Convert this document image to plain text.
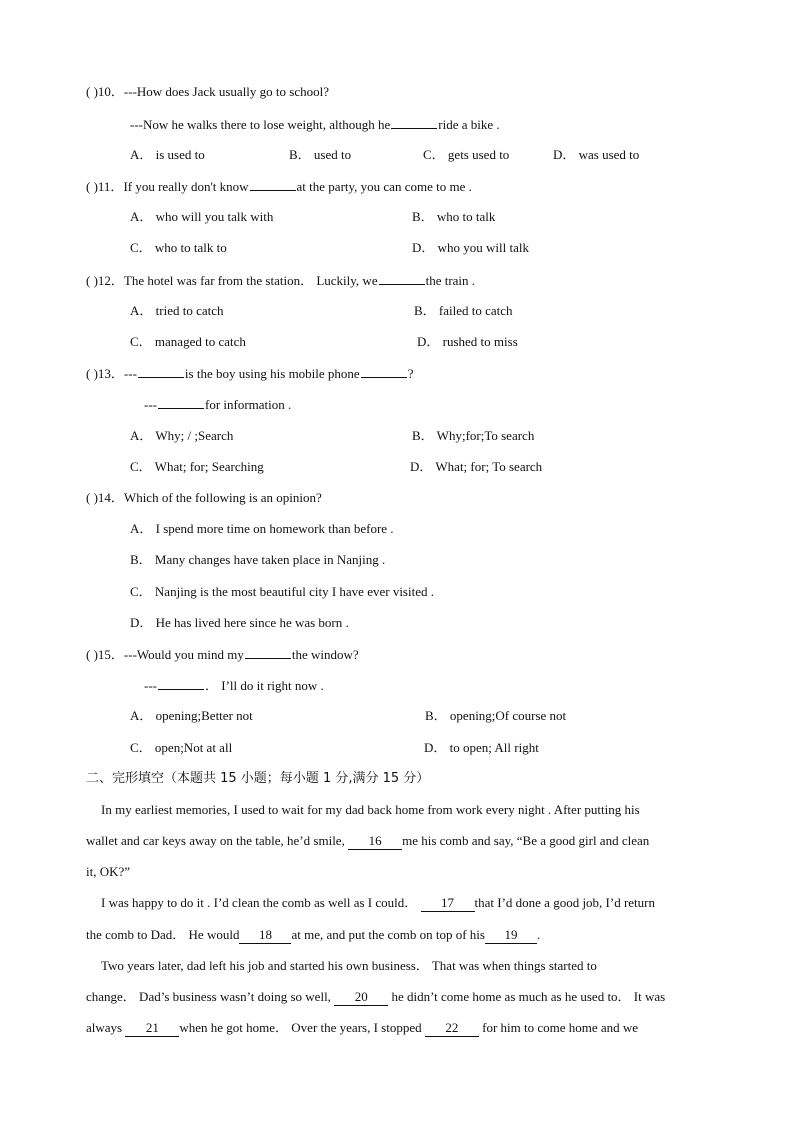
( )10．---How does Jack usually go to school?
---Now he walks there to lose weight, although he	ride a bike .
A． is used to	B． used to	C． gets used to	D． was used to
( )11．If you really don't know	at the party, you can come to me .
A． who will you talk with	B． who to talk
C． who to talk to	D． who you will talk
( )12．The hotel was far from the station． Luckily, we	the train .
A． tried to catch	B． failed to catch
C． managed to catch	D． rushed to miss
( )13．---	is the boy using his mobile phone	?
---	for information .
A． Why; / ;Search	B． Why;for;To search
C． What; for; Searching	D． What; for; To search
( )14．Which of the following is an opinion?
A． I spend more time on homework than before .
B． Many changes have taken place in Nanjing .
C． Nanjing is the most beautiful city I have ever visited .
D． He has lived here since he was born .
( )15．---Would you mind my	the window?
---	． I’ll do it right now .
A． opening;Better not	B． opening;Of course not
C． open;Not at all	D． to open; All right
二、完形填空（本题共 15 小题；每小题 1 分,满分 15 分）
In my earliest memories, I used to wait for my dad back home from work every night . After putting his
wallet and car keys away on the table, he’d smile, 16 me his comb and say, “Be a good girl and clean
it, OK?”
I was happy to do it . I’d clean the comb as well as I could． 17 that I’d done a good job, I’d return
the comb to Dad． He would 18 at me, and put the comb on top of his 19 .
Two years later, dad left his job and started his own business． That was when things started to
change． Dad’s business wasn’t doing so well, 20 he didn’t come home as much as he used to． It was
always 21 when he got home． Over the years, I stopped 22 for him to come home and we
